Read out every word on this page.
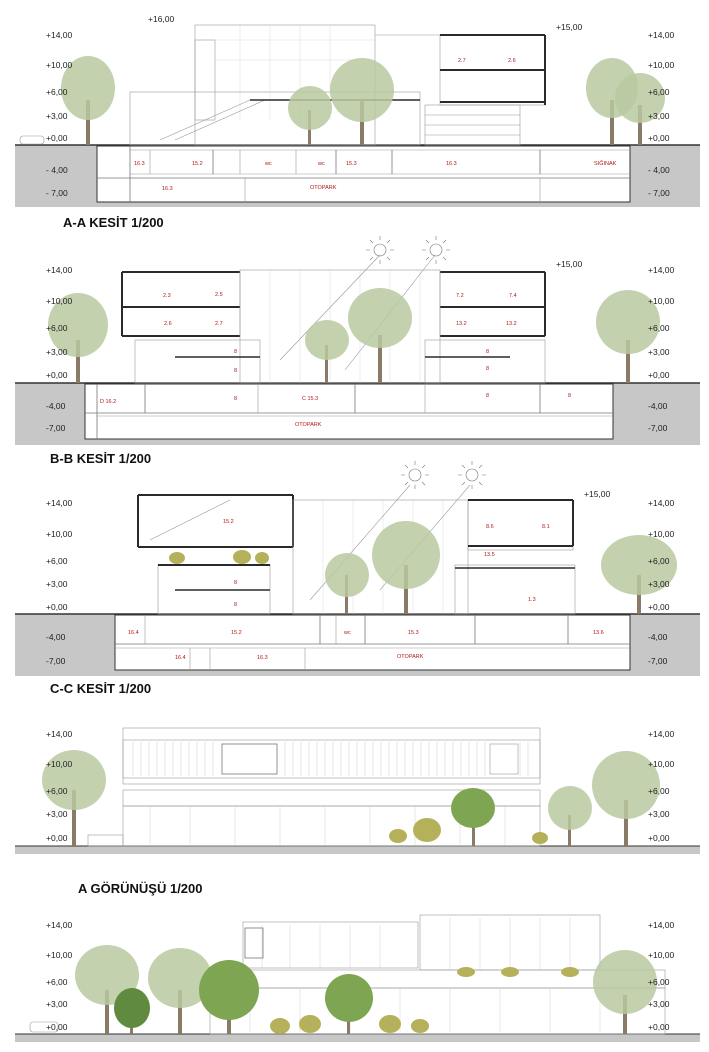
+16,00
+15,00
+14,00
+10,00
+6,00
+3,00
+0,00
- 4,00
- 7,00
+14,00
+10,00
+6,00
+3,00
+0,00
- 4,00
- 7,00
2.7	2.6
16.3	15.2	wc	wc	15.3	16.3	SIĞINAK
16.3	OTOPARK
A-A KESİT 1/200
+15,00
+14,00
+10,00
+6,00
+3,00
+0,00
-4,00
-7,00
+14,00
+10,00
+6,00
+3,00
+0,00
-4,00
-7,00
2.3	2.5	7.2	7.4
2.6	2.7	13.2	13.2
8	8
8	8
D 16.2	8	C 15.3	8	8
OTOPARK
B-B KESİT 1/200
+15,00
+14,00
+10,00
+6,00
+3,00
+0,00
-4,00
-7,00
+14,00
+10,00
+6,00
+3,00
+0,00
-4,00
-7,00
15.2
8.6	8.1
13.5
8
8
1.3
16.4	15.2	wc	15.3	13.6
16.4	16.3	OTOPARK
C-C KESİT 1/200
+14,00
+10,00
+6,00
+3,00
+0,00
+14,00
+10,00
+6,00
+3,00
+0,00
A GÖRÜNÜŞÜ 1/200
+14,00
+10,00
+6,00
+3,00
+0,00
+14,00
+10,00
+6,00
+3,00
+0,00
